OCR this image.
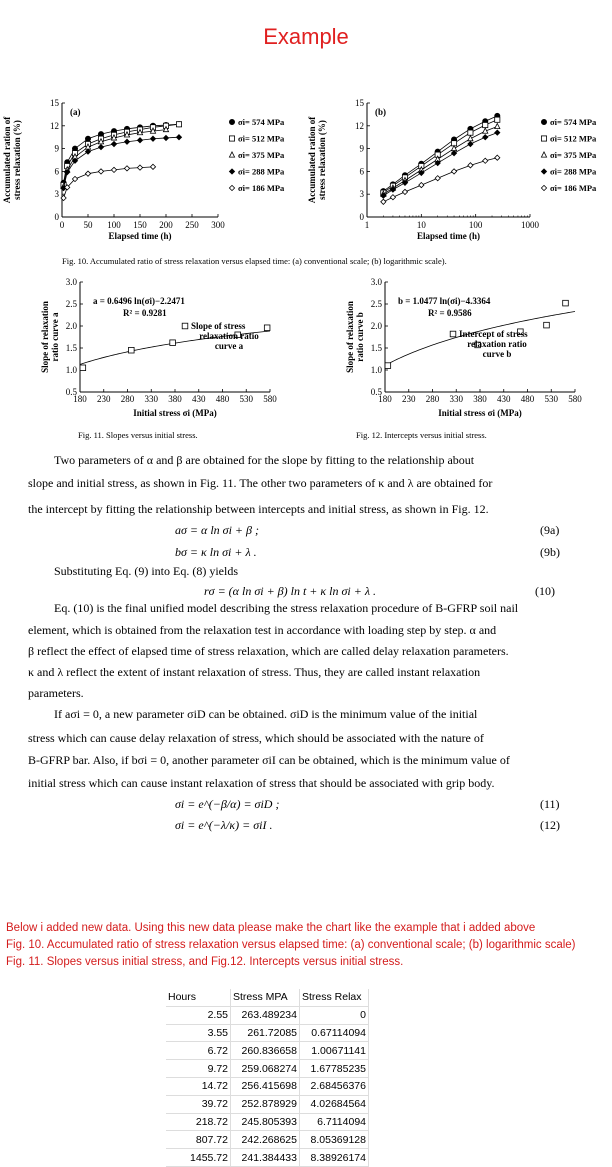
Example
0
3
6
9
12
15
0 50 100 150 200 250 300
Accumulated ration of stress relaxation (%)
Elapsed time (h)
(a)
σi= 574 MPa
σi= 512 MPa
σi= 375 MPa
σi= 288 MPa
σi= 186 MPa
0
3
6
9
12
15
1	10	100	1000
Accumulated ration of stress relaxation (%)
Elapsed time (h)
(b)
σi= 574 MPa
σi= 512 MPa
σi= 375 MPa
σi= 288 MPa
σi= 186 MPa
Fig. 10. Accumulated ratio of stress relaxation versus elapsed time: (a) conventional scale; (b) logarithmic scale).
0.5
1.0
1.5
2.0
2.5
3.0
180 230 280 330 380 430 480 530 580
Slope of relaxation ratio curve a
Initial stress σi (MPa)
a = 0.6496 ln(σi)−2.2471
R² = 0.9281
Slope of stress
relaxation ratio
curve a
0.5
1.0
1.5
2.0
2.5
3.0
180 230 280 330 380 430 480 530 580
Slope of relaxation ratio curve b
Initial stress σi (MPa)
b = 1.0477 ln(σi)−4.3364
R² = 0.9586
Intercept of stress
relaxation ratio
curve b
Fig. 11. Slopes versus initial stress.	Fig. 12. Intercepts versus initial stress.
Two parameters of α and β are obtained for the slope by fitting to the relationship about
slope and initial stress, as shown in Fig. 11. The other two parameters of κ and λ are obtained for
the intercept by fitting the relationship between intercepts and initial stress, as shown in Fig. 12.
aσ = α ln σi + β ;	(9a)
bσ = κ ln σi + λ .	(9b)
Substituting Eq. (9) into Eq. (8) yields
rσ = (α ln σi + β) ln t + κ ln σi + λ .	(10)
Eq. (10) is the final unified model describing the stress relaxation procedure of B-GFRP soil nail
element, which is obtained from the relaxation test in accordance with loading step by step. α and
β reflect the effect of elapsed time of stress relaxation, which are called delay relaxation parameters.
κ and λ reflect the extent of instant relaxation of stress. Thus, they are called instant relaxation
parameters.
If aσi = 0, a new parameter σiD can be obtained. σiD is the minimum value of the initial
stress which can cause delay relaxation of stress, which should be associated with the nature of
B-GFRP bar. Also, if bσi = 0, another parameter σiI can be obtained, which is the minimum value of
initial stress which can cause instant relaxation of stress that should be associated with grip body.
σi = e^(−β/α) = σiD ;	(11)
σi = e^(−λ/κ) = σiI .	(12)
Below i added new data. Using this new data please make the chart like the example that i added above
Fig. 10. Accumulated ratio of stress relaxation versus elapsed time: (a) conventional scale; (b) logarithmic scale)
Fig. 11. Slopes versus initial stress, and Fig.12. Intercepts versus initial stress.
Hours	Stress MPA	Stress Relax
2.55	263.489234	0
3.55	261.72085	0.67114094
6.72	260.836658	1.00671141
9.72	259.068274	1.67785235
14.72	256.415698	2.68456376
39.72	252.878929	4.02684564
218.72	245.805393	6.7114094
807.72	242.268625	8.05369128
1455.72	241.384433	8.38926174
